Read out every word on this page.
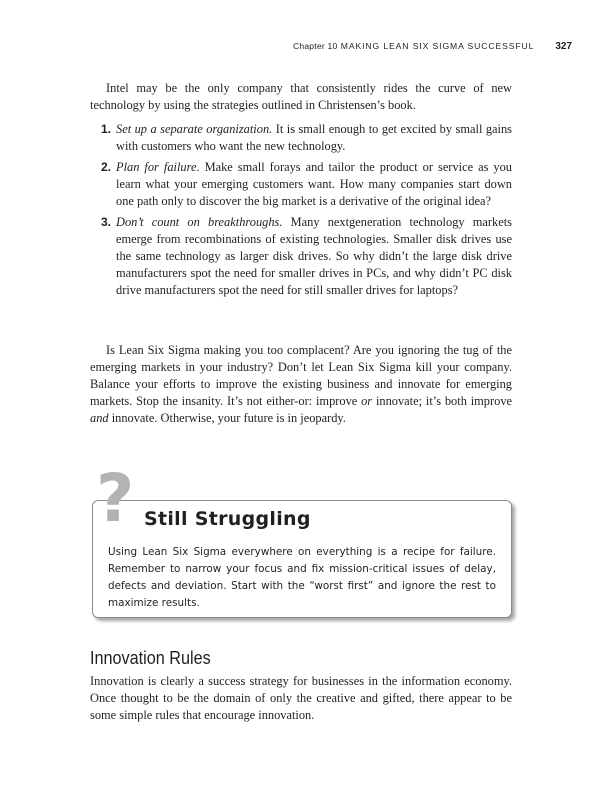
Chapter 10 MAKING LEAN SIX SIGMA SUCCESSFUL 327

Intel may be the only company that consistently rides the curve of new technology by using the strategies outlined in Christensen’s book.

1. Set up a separate organization. It is small enough to get excited by small gains with customers who want the new technology.
2. Plan for failure. Make small forays and tailor the product or service as you learn what your emerging customers want. How many companies start down one path only to discover the big market is a derivative of the original idea?
3. Don’t count on breakthroughs. Many nextgeneration technology markets emerge from recombinations of existing technologies. Smaller disk drives use the same technology as larger disk drives. So why didn’t the large disk drive manufacturers spot the need for smaller drives in PCs, and why didn’t PC disk drive manufacturers spot the need for still smaller drives for laptops?

Is Lean Six Sigma making you too complacent? Are you ignoring the tug of the emerging markets in your industry? Don’t let Lean Six Sigma kill your company. Balance your efforts to improve the existing business and innovate for emerging markets. Stop the insanity. It’s not either-or: improve or innovate; it’s both improve and innovate. Otherwise, your future is in jeopardy.

? Still Struggling

Using Lean Six Sigma everywhere on everything is a recipe for failure. Remember to narrow your focus and fix mission-critical issues of delay, defects and deviation. Start with the “worst first” and ignore the rest to maximize results.

Innovation Rules

Innovation is clearly a success strategy for businesses in the information economy. Once thought to be the domain of only the creative and gifted, there appear to be some simple rules that encourage innovation.
